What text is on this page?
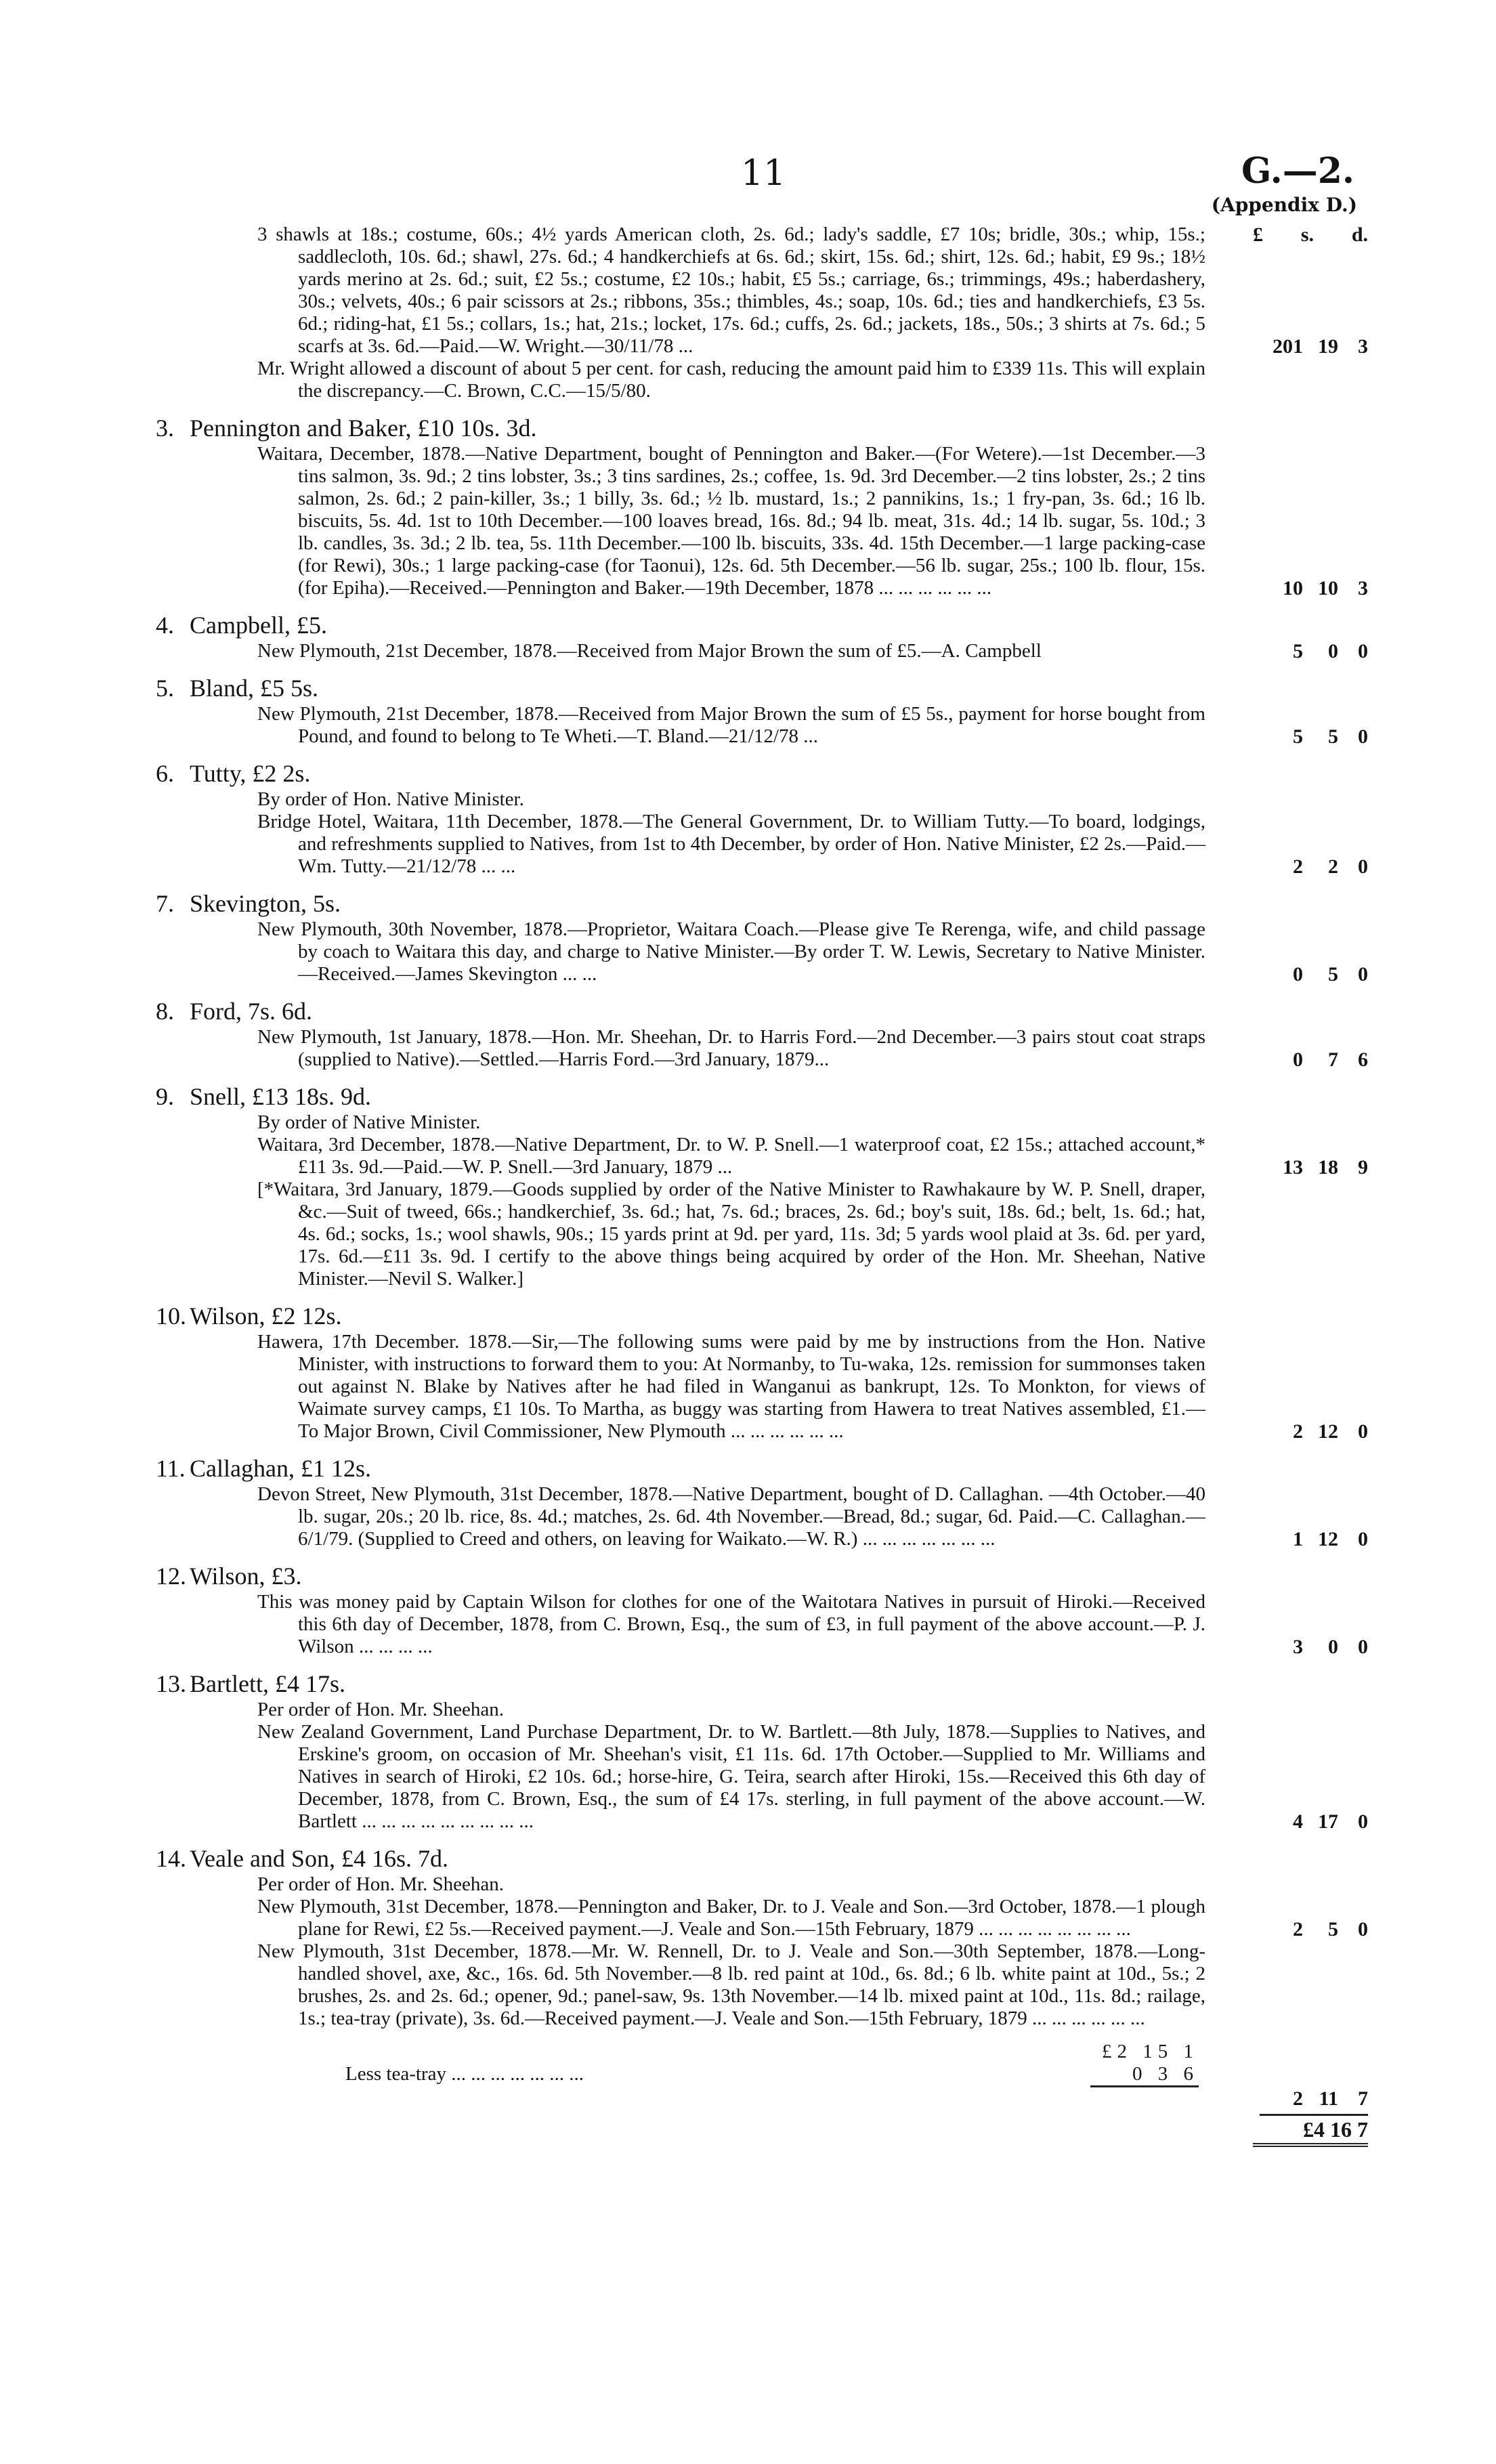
11	G.—2.
(Appendix D.)
£ s. d.
3 shawls at 18s.; costume, 60s.; 4½ yards American cloth, 2s. 6d.; lady's saddle, £7 10s; bridle, 30s.; whip, 15s.; saddlecloth, 10s. 6d.; shawl, 27s. 6d.; 4 handkerchiefs at 6s. 6d.; skirt, 15s. 6d.; shirt, 12s. 6d.; habit, £9 9s.; 18½ yards merino at 2s. 6d.; suit, £2 5s.; costume, £2 10s.; habit, £5 5s.; carriage, 6s.; trimmings, 49s.; haberdashery, 30s.; velvets, 40s.; 6 pair scissors at 2s.; ribbons, 35s.; thimbles, 4s.; soap, 10s. 6d.; ties and handkerchiefs, £3 5s. 6d.; riding-hat, £1 5s.; collars, 1s.; hat, 21s.; locket, 17s. 6d.; cuffs, 2s. 6d.; jackets, 18s., 50s.; 3 shirts at 7s. 6d.; 5 scarfs at 3s. 6d.—Paid.—W. Wright.—30/11/78 ...	201 19 3
Mr. Wright allowed a discount of about 5 per cent. for cash, reducing the amount paid him to £339 11s. This will explain the discrepancy.—C. Brown, C.C.—15/5/80.
3. Pennington and Baker, £10 10s. 3d.
Waitara, December, 1878.—Native Department, bought of Pennington and Baker.—(For Wetere).—1st December.—3 tins salmon, 3s. 9d.; 2 tins lobster, 3s.; 3 tins sardines, 2s.; coffee, 1s. 9d. 3rd December.—2 tins lobster, 2s.; 2 tins salmon, 2s. 6d.; 2 pain-killer, 3s.; 1 billy, 3s. 6d.; ½ lb. mustard, 1s.; 2 pannikins, 1s.; 1 fry-pan, 3s. 6d.; 16 lb. biscuits, 5s. 4d. 1st to 10th December.—100 loaves bread, 16s. 8d.; 94 lb. meat, 31s. 4d.; 14 lb. sugar, 5s. 10d.; 3 lb. candles, 3s. 3d.; 2 lb. tea, 5s. 11th December.—100 lb. biscuits, 33s. 4d. 15th December.—1 large packing-case (for Rewi), 30s.; 1 large packing-case (for Taonui), 12s. 6d. 5th December.—56 lb. sugar, 25s.; 100 lb. flour, 15s. (for Epiha).—Received.—Pennington and Baker.—19th December, 1878 ... ... ... ... ... ...	10 10 3
4. Campbell, £5.
New Plymouth, 21st December, 1878.—Received from Major Brown the sum of £5.—A. Campbell	5	0 0
5. Bland, £5 5s.
New Plymouth, 21st December, 1878.—Received from Major Brown the sum of £5 5s., payment for horse bought from Pound, and found to belong to Te Wheti.—T. Bland.—21/12/78 ...	5	5 0
6. Tutty, £2 2s.
By order of Hon. Native Minister.
Bridge Hotel, Waitara, 11th December, 1878.—The General Government, Dr. to William Tutty.—To board, lodgings, and refreshments supplied to Natives, from 1st to 4th December, by order of Hon. Native Minister, £2 2s.—Paid.—Wm. Tutty.—21/12/78 ... ...	2	2 0
7. Skevington, 5s.
New Plymouth, 30th November, 1878.—Proprietor, Waitara Coach.—Please give Te Rerenga, wife, and child passage by coach to Waitara this day, and charge to Native Minister.—By order T. W. Lewis, Secretary to Native Minister.—Received.—James Skevington ... ...	0	5 0
8. Ford, 7s. 6d.
New Plymouth, 1st January, 1878.—Hon. Mr. Sheehan, Dr. to Harris Ford.—2nd December.—3 pairs stout coat straps (supplied to Native).—Settled.—Harris Ford.—3rd January, 1879...	0	7 6
9. Snell, £13 18s. 9d.
By order of Native Minister.
Waitara, 3rd December, 1878.—Native Department, Dr. to W. P. Snell.—1 waterproof coat, £2 15s.; attached account,* £11 3s. 9d.—Paid.—W. P. Snell.—3rd January, 1879 ...	13 18 9
[*Waitara, 3rd January, 1879.—Goods supplied by order of the Native Minister to Rawhakaure by W. P. Snell, draper, &c.—Suit of tweed, 66s.; handkerchief, 3s. 6d.; hat, 7s. 6d.; braces, 2s. 6d.; boy's suit, 18s. 6d.; belt, 1s. 6d.; hat, 4s. 6d.; socks, 1s.; wool shawls, 90s.; 15 yards print at 9d. per yard, 11s. 3d; 5 yards wool plaid at 3s. 6d. per yard, 17s. 6d.—£11 3s. 9d. I certify to the above things being acquired by order of the Hon. Mr. Sheehan, Native Minister.—Nevil S. Walker.]
10. Wilson, £2 12s.
Hawera, 17th December. 1878.—Sir,—The following sums were paid by me by instructions from the Hon. Native Minister, with instructions to forward them to you: At Normanby, to Tu-waka, 12s. remission for summonses taken out against N. Blake by Natives after he had filed in Wanganui as bankrupt, 12s. To Monkton, for views of Waimate survey camps, £1 10s. To Martha, as buggy was starting from Hawera to treat Natives assembled, £1.—To Major Brown, Civil Commissioner, New Plymouth ... ... ... ... ... ...	2 12 0
11. Callaghan, £1 12s.
Devon Street, New Plymouth, 31st December, 1878.—Native Department, bought of D. Callaghan. —4th October.—40 lb. sugar, 20s.; 20 lb. rice, 8s. 4d.; matches, 2s. 6d. 4th November.—Bread, 8d.; sugar, 6d. Paid.—C. Callaghan.—6/1/79. (Supplied to Creed and others, on leaving for Waikato.—W. R.) ... ... ... ... ... ... ...	1 12 0
12. Wilson, £3.
This was money paid by Captain Wilson for clothes for one of the Waitotara Natives in pursuit of Hiroki.—Received this 6th day of December, 1878, from C. Brown, Esq., the sum of £3, in full payment of the above account.—P. J. Wilson ... ... ... ...	3	0 0
13. Bartlett, £4 17s.
Per order of Hon. Mr. Sheehan.
New Zealand Government, Land Purchase Department, Dr. to W. Bartlett.—8th July, 1878.—Supplies to Natives, and Erskine's groom, on occasion of Mr. Sheehan's visit, £1 11s. 6d. 17th October.—Supplied to Mr. Williams and Natives in search of Hiroki, £2 10s. 6d.; horse-hire, G. Teira, search after Hiroki, 15s.—Received this 6th day of December, 1878, from C. Brown, Esq., the sum of £4 17s. sterling, in full payment of the above account.—W. Bartlett ... ... ... ... ... ... ... ... ...	4 17 0
14. Veale and Son, £4 16s. 7d.
Per order of Hon. Mr. Sheehan.
New Plymouth, 31st December, 1878.—Pennington and Baker, Dr. to J. Veale and Son.—3rd October, 1878.—1 plough plane for Rewi, £2 5s.—Received payment.—J. Veale and Son.—15th February, 1879 ... ... ... ... ... ... ... ...	2	5 0
New Plymouth, 31st December, 1878.—Mr. W. Rennell, Dr. to J. Veale and Son.—30th September, 1878.—Long-handled shovel, axe, &c., 16s. 6d. 5th November.—8 lb. red paint at 10d., 6s. 8d.; 6 lb. white paint at 10d., 5s.; 2 brushes, 2s. and 2s. 6d.; opener, 9d.; panel-saw, 9s. 13th November.—14 lb. mixed paint at 10d., 11s. 8d.; railage, 1s.; tea-tray (private), 3s. 6d.—Received payment.—J. Veale and Son.—15th February, 1879 ... ... ... ... ... ...
£2 15 1
Less tea-tray ... ... ... ... ... ... ...	0 3 6
2 11 7
£4 16 7
